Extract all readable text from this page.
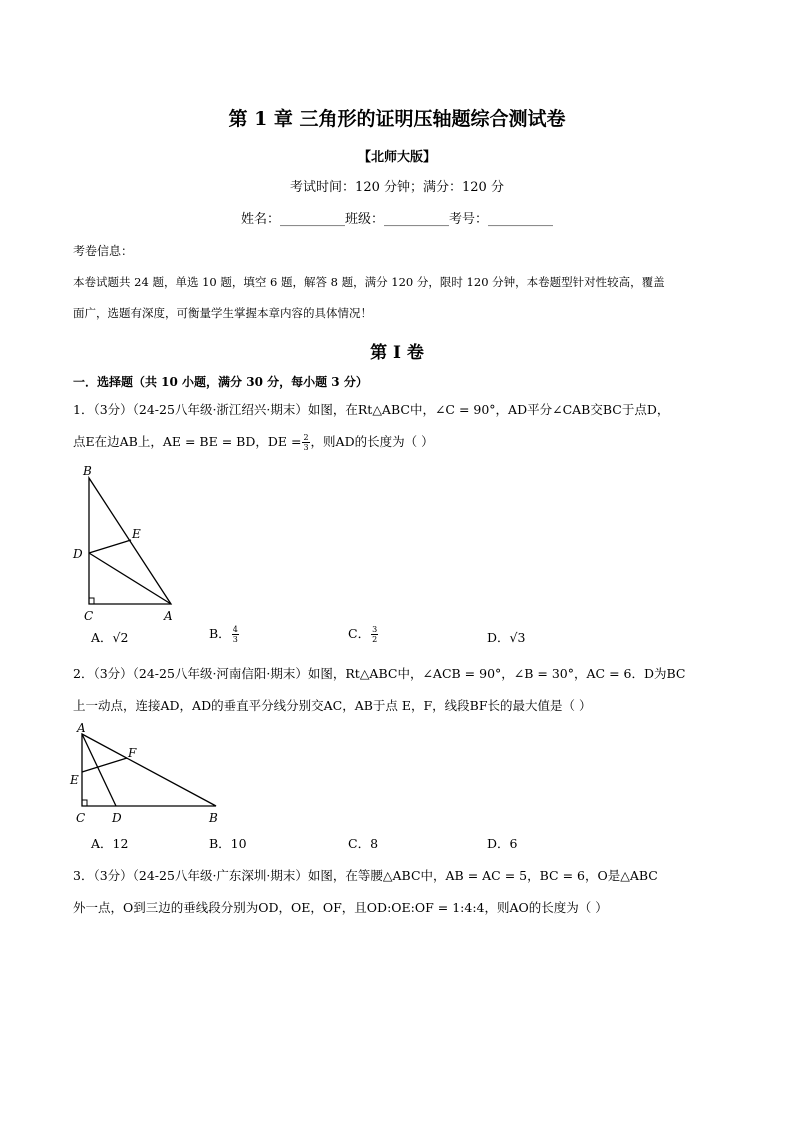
第 1 章 三角形的证明压轴题综合测试卷
【北师大版】
考试时间：120 分钟；满分：120 分
姓名：__________班级：__________考号：__________
考卷信息：
本卷试题共 24 题，单选 10 题，填空 6 题，解答 8 题，满分 120 分，限时 120 分钟，本卷题型针对性较高，覆盖
面广，选题有深度，可衡量学生掌握本章内容的具体情况！
第 I 卷
一．选择题（共 10 小题，满分 30 分，每小题 3 分）
1．（3分）（24-25八年级·浙江绍兴·期末）如图，在Rt△ABC中，∠C = 90°，AD平分∠CAB交BC于点D，
点E在边AB上，AE = BE = BD，DE = $\frac{2}{3}$ ，则AD的长度为（ ）
B
E
D
C	A
A．√2	B． $\frac{4}{3}$	C． $\frac{3}{2}$	D．√3
2．（3分）（24-25八年级·河南信阳·期末）如图，Rt△ABC中，∠ACB = 90°，∠B = 30°，AC = 6．D为BC
上一动点，连接AD，AD的垂直平分线分别交AC，AB于点 E，F，线段BF长的最大值是（ ）
A
F
E
C D	B
A．12	B．10	C．8	D．6
3．（3分）（24-25八年级·广东深圳·期末）如图，在等腰△ABC中，AB = AC = 5，BC = 6，O是△ABC
外一点，O到三边的垂线段分别为OD，OE，OF，且OD:OE:OF = 1:4:4，则AO的长度为（ ）
